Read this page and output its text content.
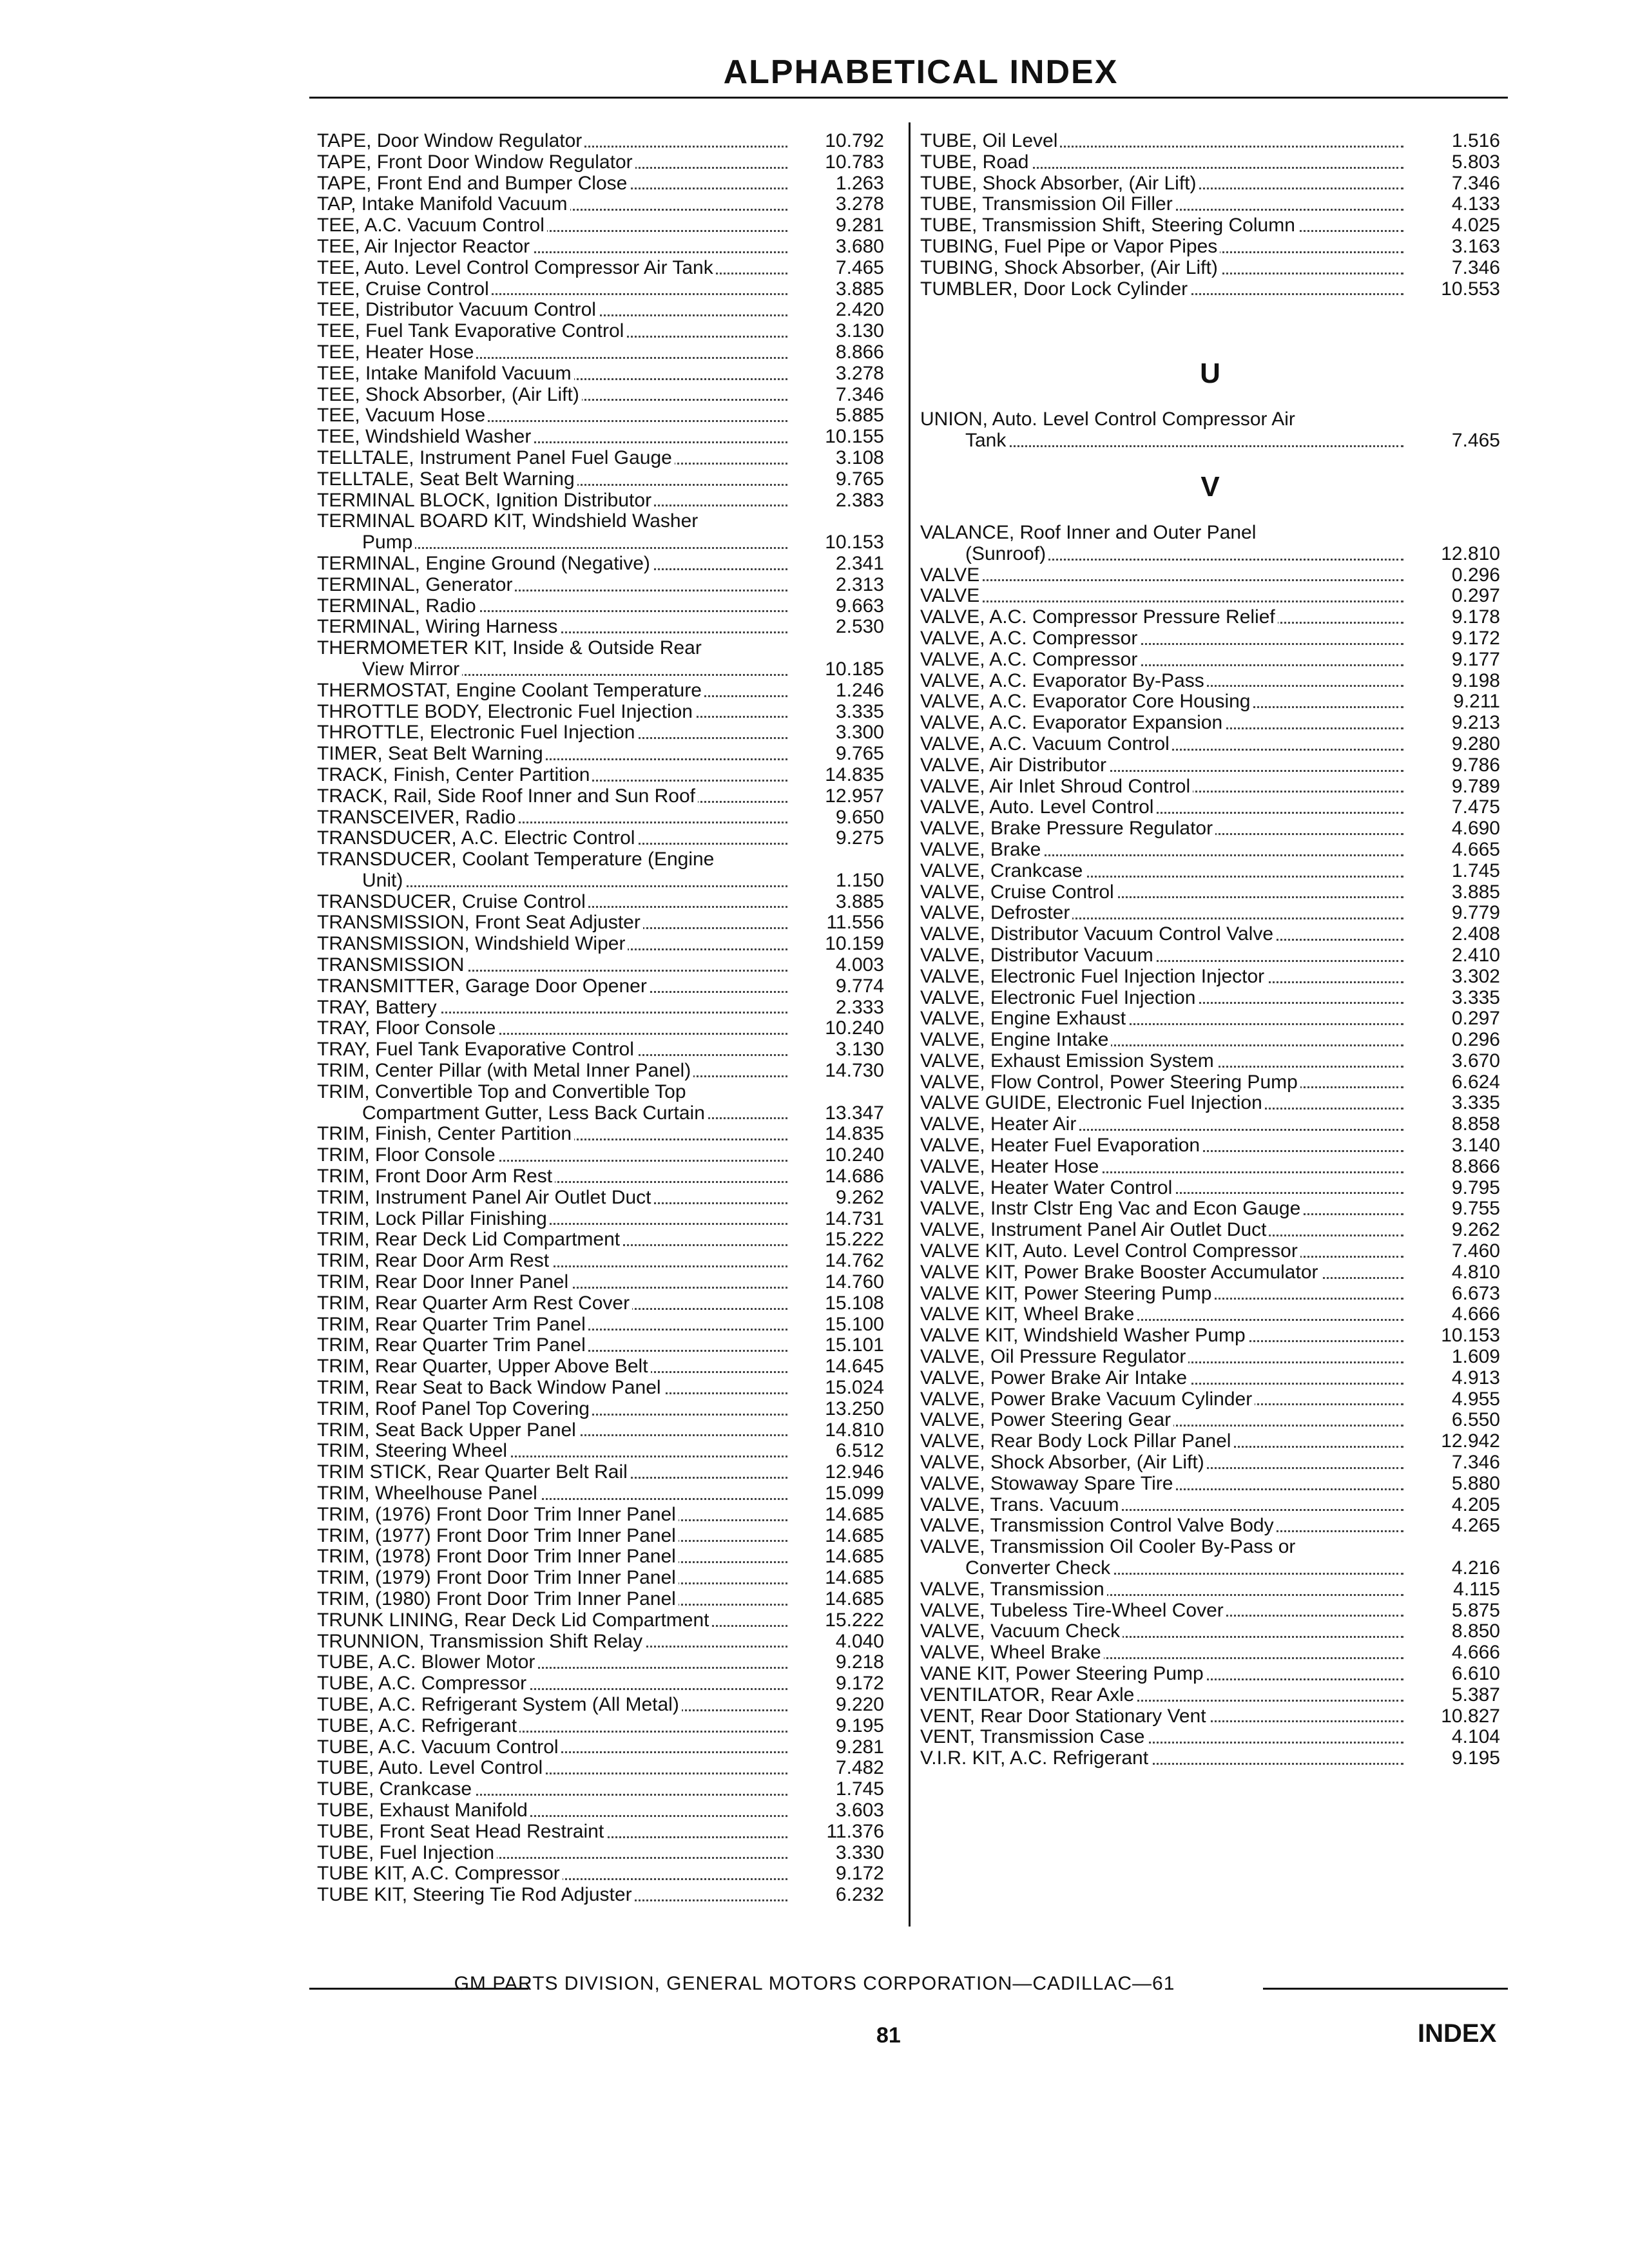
ALPHABETICAL INDEX
TAPE, Door Window Regulator	10.792
TAPE, Front Door Window Regulator	10.783
TAPE, Front End and Bumper Close	1.263
TAP, Intake Manifold Vacuum	3.278
TEE, A.C. Vacuum Control	9.281
TEE, Air Injector Reactor	3.680
TEE, Auto. Level Control Compressor Air Tank	7.465
TEE, Cruise Control	3.885
TEE, Distributor Vacuum Control	2.420
TEE, Fuel Tank Evaporative Control	3.130
TEE, Heater Hose	8.866
TEE, Intake Manifold Vacuum	3.278
TEE, Shock Absorber, (Air Lift)	7.346
TEE, Vacuum Hose	5.885
TEE, Windshield Washer	10.155
TELLTALE, Instrument Panel Fuel Gauge	3.108
TELLTALE, Seat Belt Warning	9.765
TERMINAL BLOCK, Ignition Distributor	2.383
TERMINAL BOARD KIT, Windshield Washer
Pump	10.153
TERMINAL, Engine Ground (Negative)	2.341
TERMINAL, Generator	2.313
TERMINAL, Radio	9.663
TERMINAL, Wiring Harness	2.530
THERMOMETER KIT, Inside & Outside Rear
View Mirror	10.185
THERMOSTAT, Engine Coolant Temperature	1.246
THROTTLE BODY, Electronic Fuel Injection	3.335
THROTTLE, Electronic Fuel Injection	3.300
TIMER, Seat Belt Warning	9.765
TRACK, Finish, Center Partition	14.835
TRACK, Rail, Side Roof Inner and Sun Roof	12.957
TRANSCEIVER, Radio	9.650
TRANSDUCER, A.C. Electric Control	9.275
TRANSDUCER, Coolant Temperature (Engine
Unit)	1.150
TRANSDUCER, Cruise Control	3.885
TRANSMISSION, Front Seat Adjuster	11.556
TRANSMISSION, Windshield Wiper	10.159
TRANSMISSION	4.003
TRANSMITTER, Garage Door Opener	9.774
TRAY, Battery	2.333
TRAY, Floor Console	10.240
TRAY, Fuel Tank Evaporative Control	3.130
TRIM, Center Pillar (with Metal Inner Panel)	14.730
TRIM, Convertible Top and Convertible Top
Compartment Gutter, Less Back Curtain	13.347
TRIM, Finish, Center Partition	14.835
TRIM, Floor Console	10.240
TRIM, Front Door Arm Rest	14.686
TRIM, Instrument Panel Air Outlet Duct	9.262
TRIM, Lock Pillar Finishing	14.731
TRIM, Rear Deck Lid Compartment	15.222
TRIM, Rear Door Arm Rest	14.762
TRIM, Rear Door Inner Panel	14.760
TRIM, Rear Quarter Arm Rest Cover	15.108
TRIM, Rear Quarter Trim Panel	15.100
TRIM, Rear Quarter Trim Panel	15.101
TRIM, Rear Quarter, Upper Above Belt	14.645
TRIM, Rear Seat to Back Window Panel	15.024
TRIM, Roof Panel Top Covering	13.250
TRIM, Seat Back Upper Panel	14.810
TRIM, Steering Wheel	6.512
TRIM STICK, Rear Quarter Belt Rail	12.946
TRIM, Wheelhouse Panel	15.099
TRIM, (1976) Front Door Trim Inner Panel	14.685
TRIM, (1977) Front Door Trim Inner Panel	14.685
TRIM, (1978) Front Door Trim Inner Panel	14.685
TRIM, (1979) Front Door Trim Inner Panel	14.685
TRIM, (1980) Front Door Trim Inner Panel	14.685
TRUNK LINING, Rear Deck Lid Compartment	15.222
TRUNNION, Transmission Shift Relay	4.040
TUBE, A.C. Blower Motor	9.218
TUBE, A.C. Compressor	9.172
TUBE, A.C. Refrigerant System (All Metal)	9.220
TUBE, A.C. Refrigerant	9.195
TUBE, A.C. Vacuum Control	9.281
TUBE, Auto. Level Control	7.482
TUBE, Crankcase	1.745
TUBE, Exhaust Manifold	3.603
TUBE, Front Seat Head Restraint	11.376
TUBE, Fuel Injection	3.330
TUBE KIT, A.C. Compressor	9.172
TUBE KIT, Steering Tie Rod Adjuster	6.232
TUBE, Oil Level	1.516
TUBE, Road	5.803
TUBE, Shock Absorber, (Air Lift)	7.346
TUBE, Transmission Oil Filler	4.133
TUBE, Transmission Shift, Steering Column	4.025
TUBING, Fuel Pipe or Vapor Pipes	3.163
TUBING, Shock Absorber, (Air Lift)	7.346
TUMBLER, Door Lock Cylinder	10.553
U
UNION, Auto. Level Control Compressor Air
Tank	7.465
V
VALANCE, Roof Inner and Outer Panel
(Sunroof)	12.810
VALVE	0.296
VALVE	0.297
VALVE, A.C. Compressor Pressure Relief	9.178
VALVE, A.C. Compressor	9.172
VALVE, A.C. Compressor	9.177
VALVE, A.C. Evaporator By-Pass	9.198
VALVE, A.C. Evaporator Core Housing	9.211
VALVE, A.C. Evaporator Expansion	9.213
VALVE, A.C. Vacuum Control	9.280
VALVE, Air Distributor	9.786
VALVE, Air Inlet Shroud Control	9.789
VALVE, Auto. Level Control	7.475
VALVE, Brake Pressure Regulator	4.690
VALVE, Brake	4.665
VALVE, Crankcase	1.745
VALVE, Cruise Control	3.885
VALVE, Defroster	9.779
VALVE, Distributor Vacuum Control Valve	2.408
VALVE, Distributor Vacuum	2.410
VALVE, Electronic Fuel Injection Injector	3.302
VALVE, Electronic Fuel Injection	3.335
VALVE, Engine Exhaust	0.297
VALVE, Engine Intake	0.296
VALVE, Exhaust Emission System	3.670
VALVE, Flow Control, Power Steering Pump	6.624
VALVE GUIDE, Electronic Fuel Injection	3.335
VALVE, Heater Air	8.858
VALVE, Heater Fuel Evaporation	3.140
VALVE, Heater Hose	8.866
VALVE, Heater Water Control	9.795
VALVE, Instr Clstr Eng Vac and Econ Gauge	9.755
VALVE, Instrument Panel Air Outlet Duct	9.262
VALVE KIT, Auto. Level Control Compressor	7.460
VALVE KIT, Power Brake Booster Accumulator	4.810
VALVE KIT, Power Steering Pump	6.673
VALVE KIT, Wheel Brake	4.666
VALVE KIT, Windshield Washer Pump	10.153
VALVE, Oil Pressure Regulator	1.609
VALVE, Power Brake Air Intake	4.913
VALVE, Power Brake Vacuum Cylinder	4.955
VALVE, Power Steering Gear	6.550
VALVE, Rear Body Lock Pillar Panel	12.942
VALVE, Shock Absorber, (Air Lift)	7.346
VALVE, Stowaway Spare Tire	5.880
VALVE, Trans. Vacuum	4.205
VALVE, Transmission Control Valve Body	4.265
VALVE, Transmission Oil Cooler By-Pass or
Converter Check	4.216
VALVE, Transmission	4.115
VALVE, Tubeless Tire-Wheel Cover	5.875
VALVE, Vacuum Check	8.850
VALVE, Wheel Brake	4.666
VANE KIT, Power Steering Pump	6.610
VENTILATOR, Rear Axle	5.387
VENT, Rear Door Stationary Vent	10.827
VENT, Transmission Case	4.104
V.I.R. KIT, A.C. Refrigerant	9.195
GM PARTS DIVISION, GENERAL MOTORS CORPORATION—CADILLAC—61
81	INDEX
